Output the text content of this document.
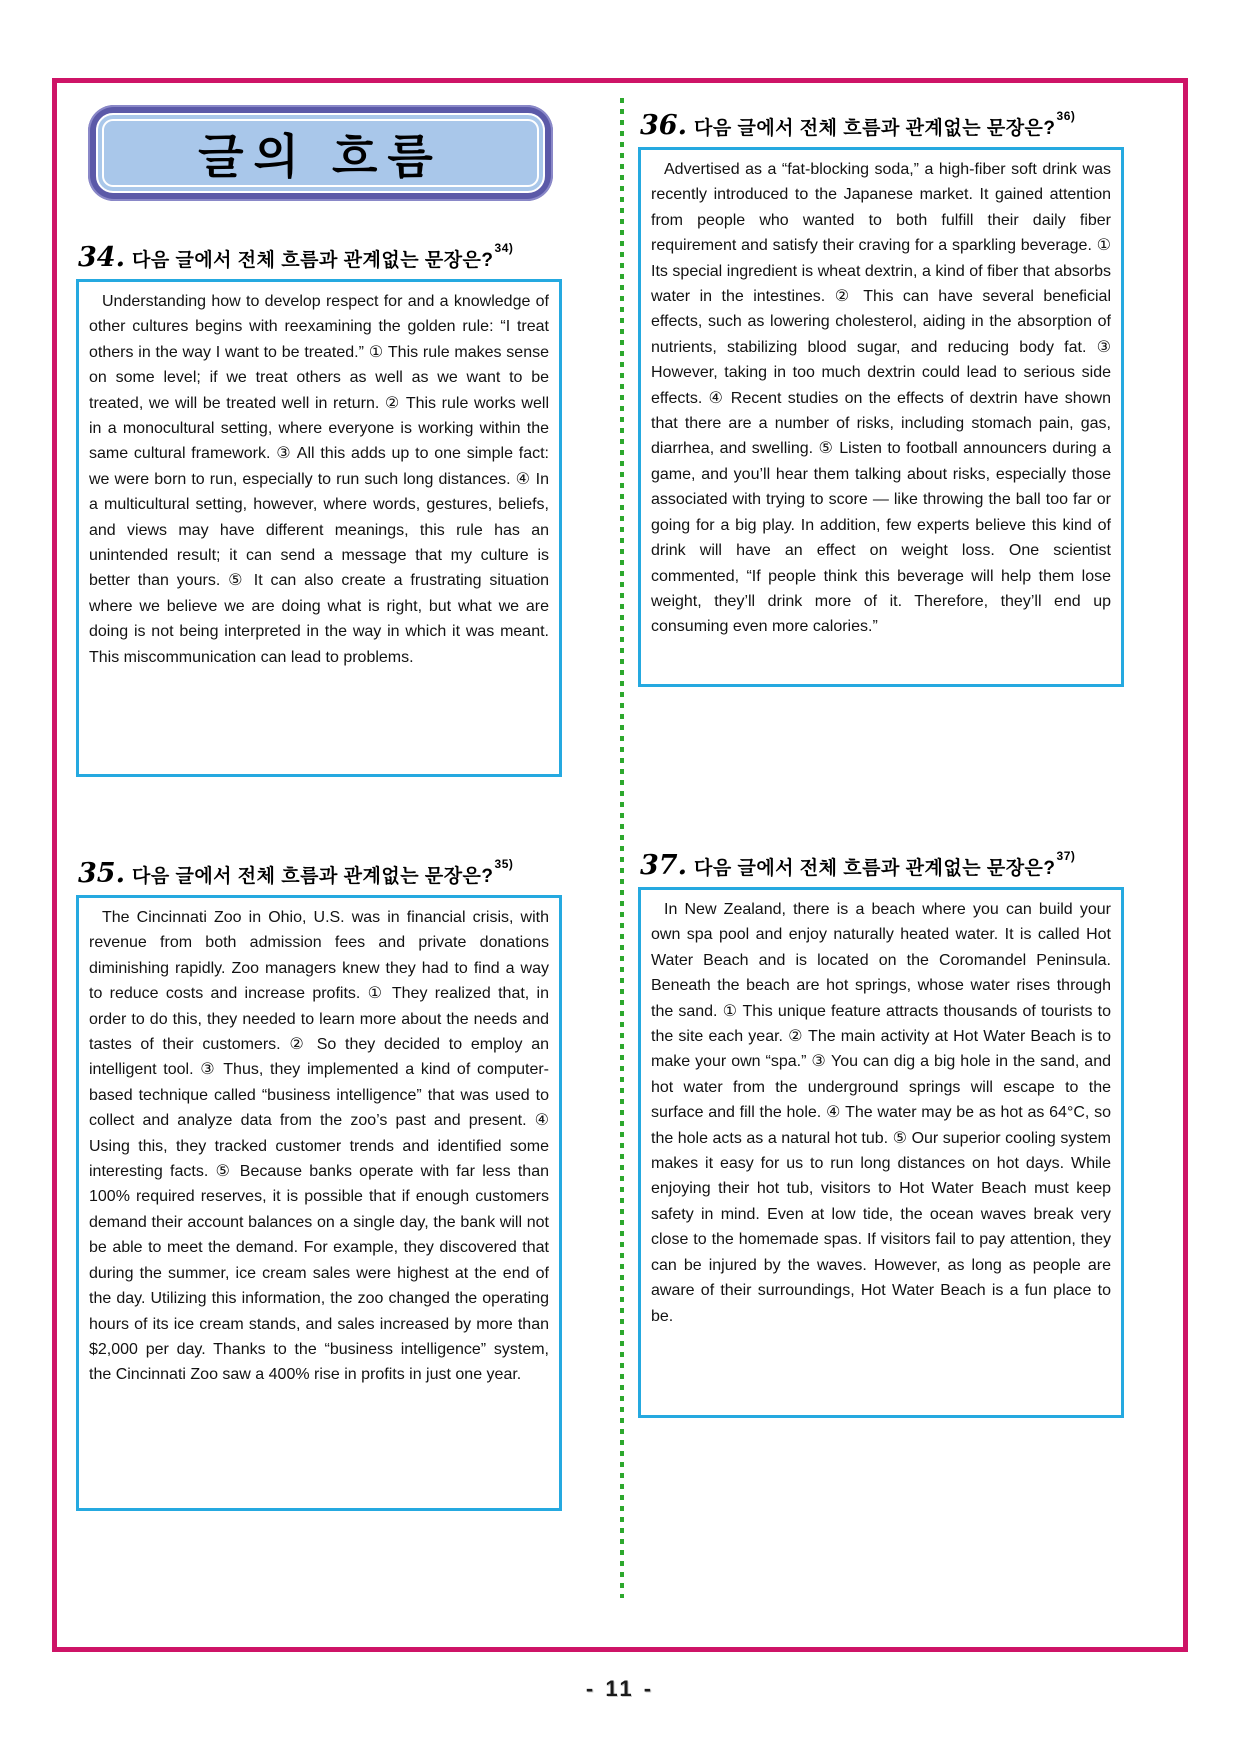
글의 흐름
34. 다음 글에서 전체 흐름과 관계없는 문장은?$^{34)}$

Understanding how to develop respect for and a knowledge of other cultures begins with reexamining the golden rule: “I treat others in the way I want to be treated.” ① This rule makes sense on some level; if we treat others as well as we want to be treated, we will be treated well in return. ② This rule works well in a monocultural setting, where everyone is working within the same cultural framework. ③ All this adds up to one simple fact: we were born to run, especially to run such long distances. ④ In a multicultural setting, however, where words, gestures, beliefs, and views may have different meanings, this rule has an unintended result; it can send a message that my culture is better than yours. ⑤ It can also create a frustrating situation where we believe we are doing what is right, but what we are doing is not being interpreted in the way in which it was meant. This miscommunication can lead to problems.

35. 다음 글에서 전체 흐름과 관계없는 문장은?$^{35)}$

The Cincinnati Zoo in Ohio, U.S. was in financial crisis, with revenue from both admission fees and private donations diminishing rapidly. Zoo managers knew they had to find a way to reduce costs and increase profits. ① They realized that, in order to do this, they needed to learn more about the needs and tastes of their customers. ② So they decided to employ an intelligent tool. ③ Thus, they implemented a kind of computer-based technique called “business intelligence” that was used to collect and analyze data from the zoo’s past and present. ④ Using this, they tracked customer trends and identified some interesting facts. ⑤ Because banks operate with far less than 100% required reserves, it is possible that if enough customers demand their account balances on a single day, the bank will not be able to meet the demand. For example, they discovered that during the summer, ice cream sales were highest at the end of the day. Utilizing this information, the zoo changed the operating hours of its ice cream stands, and sales increased by more than $2,000 per day. Thanks to the “business intelligence” system, the Cincinnati Zoo saw a 400% rise in profits in just one year.

36. 다음 글에서 전체 흐름과 관계없는 문장은?$^{36)}$

Advertised as a “fat-blocking soda,” a high-fiber soft drink was recently introduced to the Japanese market. It gained attention from people who wanted to both fulfill their daily fiber requirement and satisfy their craving for a sparkling beverage. ① Its special ingredient is wheat dextrin, a kind of fiber that absorbs water in the intestines. ② This can have several beneficial effects, such as lowering cholesterol, aiding in the absorption of nutrients, stabilizing blood sugar, and reducing body fat. ③ However, taking in too much dextrin could lead to serious side effects. ④ Recent studies on the effects of dextrin have shown that there are a number of risks, including stomach pain, gas, diarrhea, and swelling. ⑤ Listen to football announcers during a game, and you’ll hear them talking about risks, especially those associated with trying to score — like throwing the ball too far or going for a big play. In addition, few experts believe this kind of drink will have an effect on weight loss. One scientist commented, “If people think this beverage will help them lose weight, they’ll drink more of it. Therefore, they’ll end up consuming even more calories.”

37. 다음 글에서 전체 흐름과 관계없는 문장은?$^{37)}$

In New Zealand, there is a beach where you can build your own spa pool and enjoy naturally heated water. It is called Hot Water Beach and is located on the Coromandel Peninsula. Beneath the beach are hot springs, whose water rises through the sand. ① This unique feature attracts thousands of tourists to the site each year. ② The main activity at Hot Water Beach is to make your own “spa.” ③ You can dig a big hole in the sand, and hot water from the underground springs will escape to the surface and fill the hole. ④ The water may be as hot as 64°C, so the hole acts as a natural hot tub. ⑤ Our superior cooling system makes it easy for us to run long distances on hot days. While enjoying their hot tub, visitors to Hot Water Beach must keep safety in mind. Even at low tide, the ocean waves break very close to the homemade spas. If visitors fail to pay attention, they can be injured by the waves. However, as long as people are aware of their surroundings, Hot Water Beach is a fun place to be.

- 11 -
